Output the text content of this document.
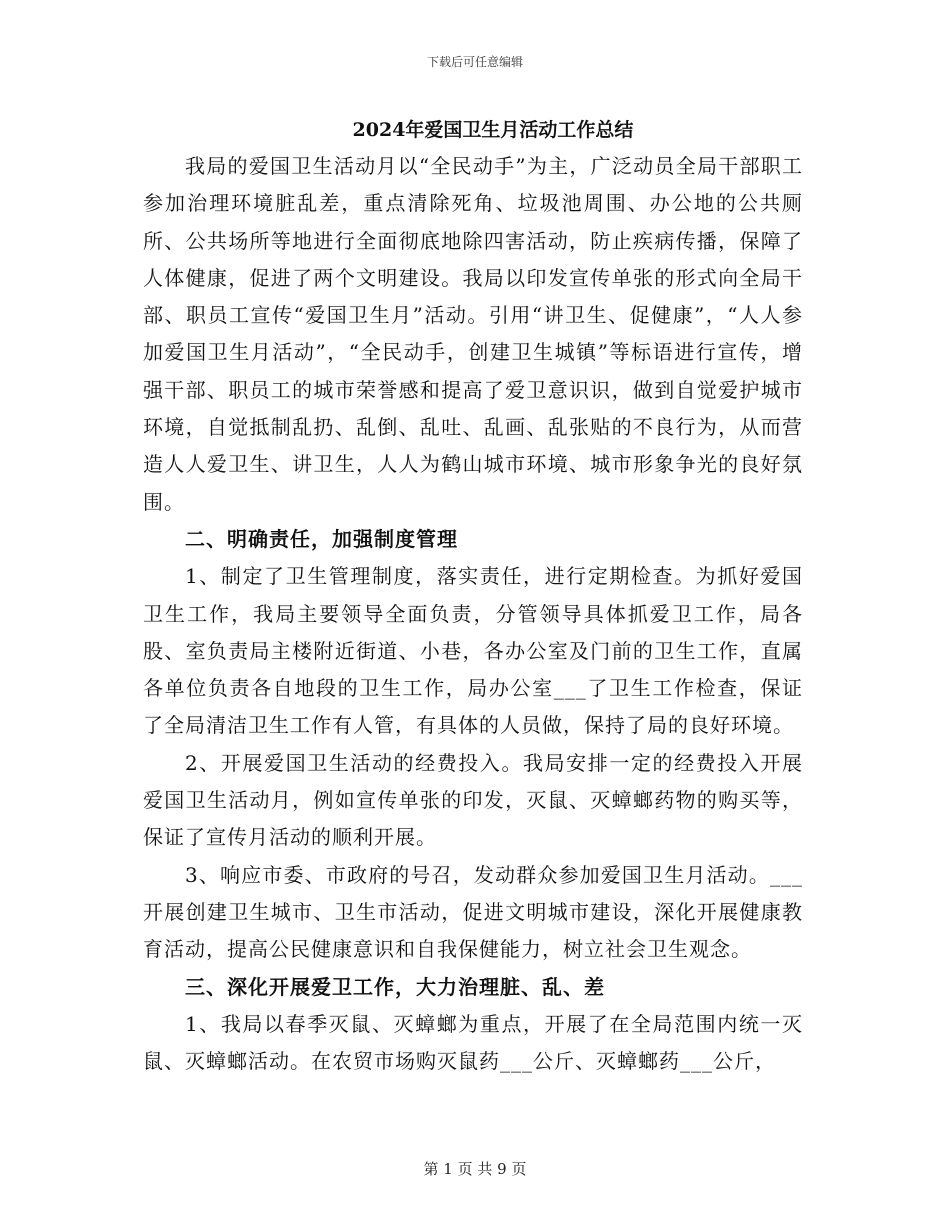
下载后可任意编辑
2024年爱国卫生月活动工作总结

我局的爱国卫生活动月以“全民动手”为主，广泛动员全局干部职工参加治理环境脏乱差，重点清除死角、垃圾池周围、办公地的公共厕所、公共场所等地进行全面彻底地除四害活动，防止疾病传播，保障了人体健康，促进了两个文明建设。我局以印发宣传单张的形式向全局干部、职员工宣传“爱国卫生月”活动。引用“讲卫生、促健康”，“人人参加爱国卫生月活动”，“全民动手，创建卫生城镇”等标语进行宣传，增强干部、职员工的城市荣誉感和提高了爱卫意识识，做到自觉爱护城市环境，自觉抵制乱扔、乱倒、乱吐、乱画、乱张贴的不良行为，从而营造人人爱卫生、讲卫生，人人为鹤山城市环境、城市形象争光的良好氛围。

二、明确责任，加强制度管理

1、制定了卫生管理制度，落实责任，进行定期检查。为抓好爱国卫生工作，我局主要领导全面负责，分管领导具体抓爱卫工作，局各股、室负责局主楼附近街道、小巷，各办公室及门前的卫生工作，直属各单位负责各自地段的卫生工作，局办公室___了卫生工作检查，保证了全局清洁卫生工作有人管，有具体的人员做，保持了局的良好环境。

2、开展爱国卫生活动的经费投入。我局安排一定的经费投入开展爱国卫生活动月，例如宣传单张的印发，灭鼠、灭蟑螂药物的购买等，保证了宣传月活动的顺利开展。

3、响应市委、市政府的号召，发动群众参加爱国卫生月活动。___开展创建卫生城市、卫生市活动，促进文明城市建设，深化开展健康教育活动，提高公民健康意识和自我保健能力，树立社会卫生观念。

三、深化开展爱卫工作，大力治理脏、乱、差

1、我局以春季灭鼠、灭蟑螂为重点，开展了在全局范围内统一灭鼠、灭蟑螂活动。在农贸市场购灭鼠药___公斤、灭蟑螂药___公斤，

第 1 页 共 9 页
